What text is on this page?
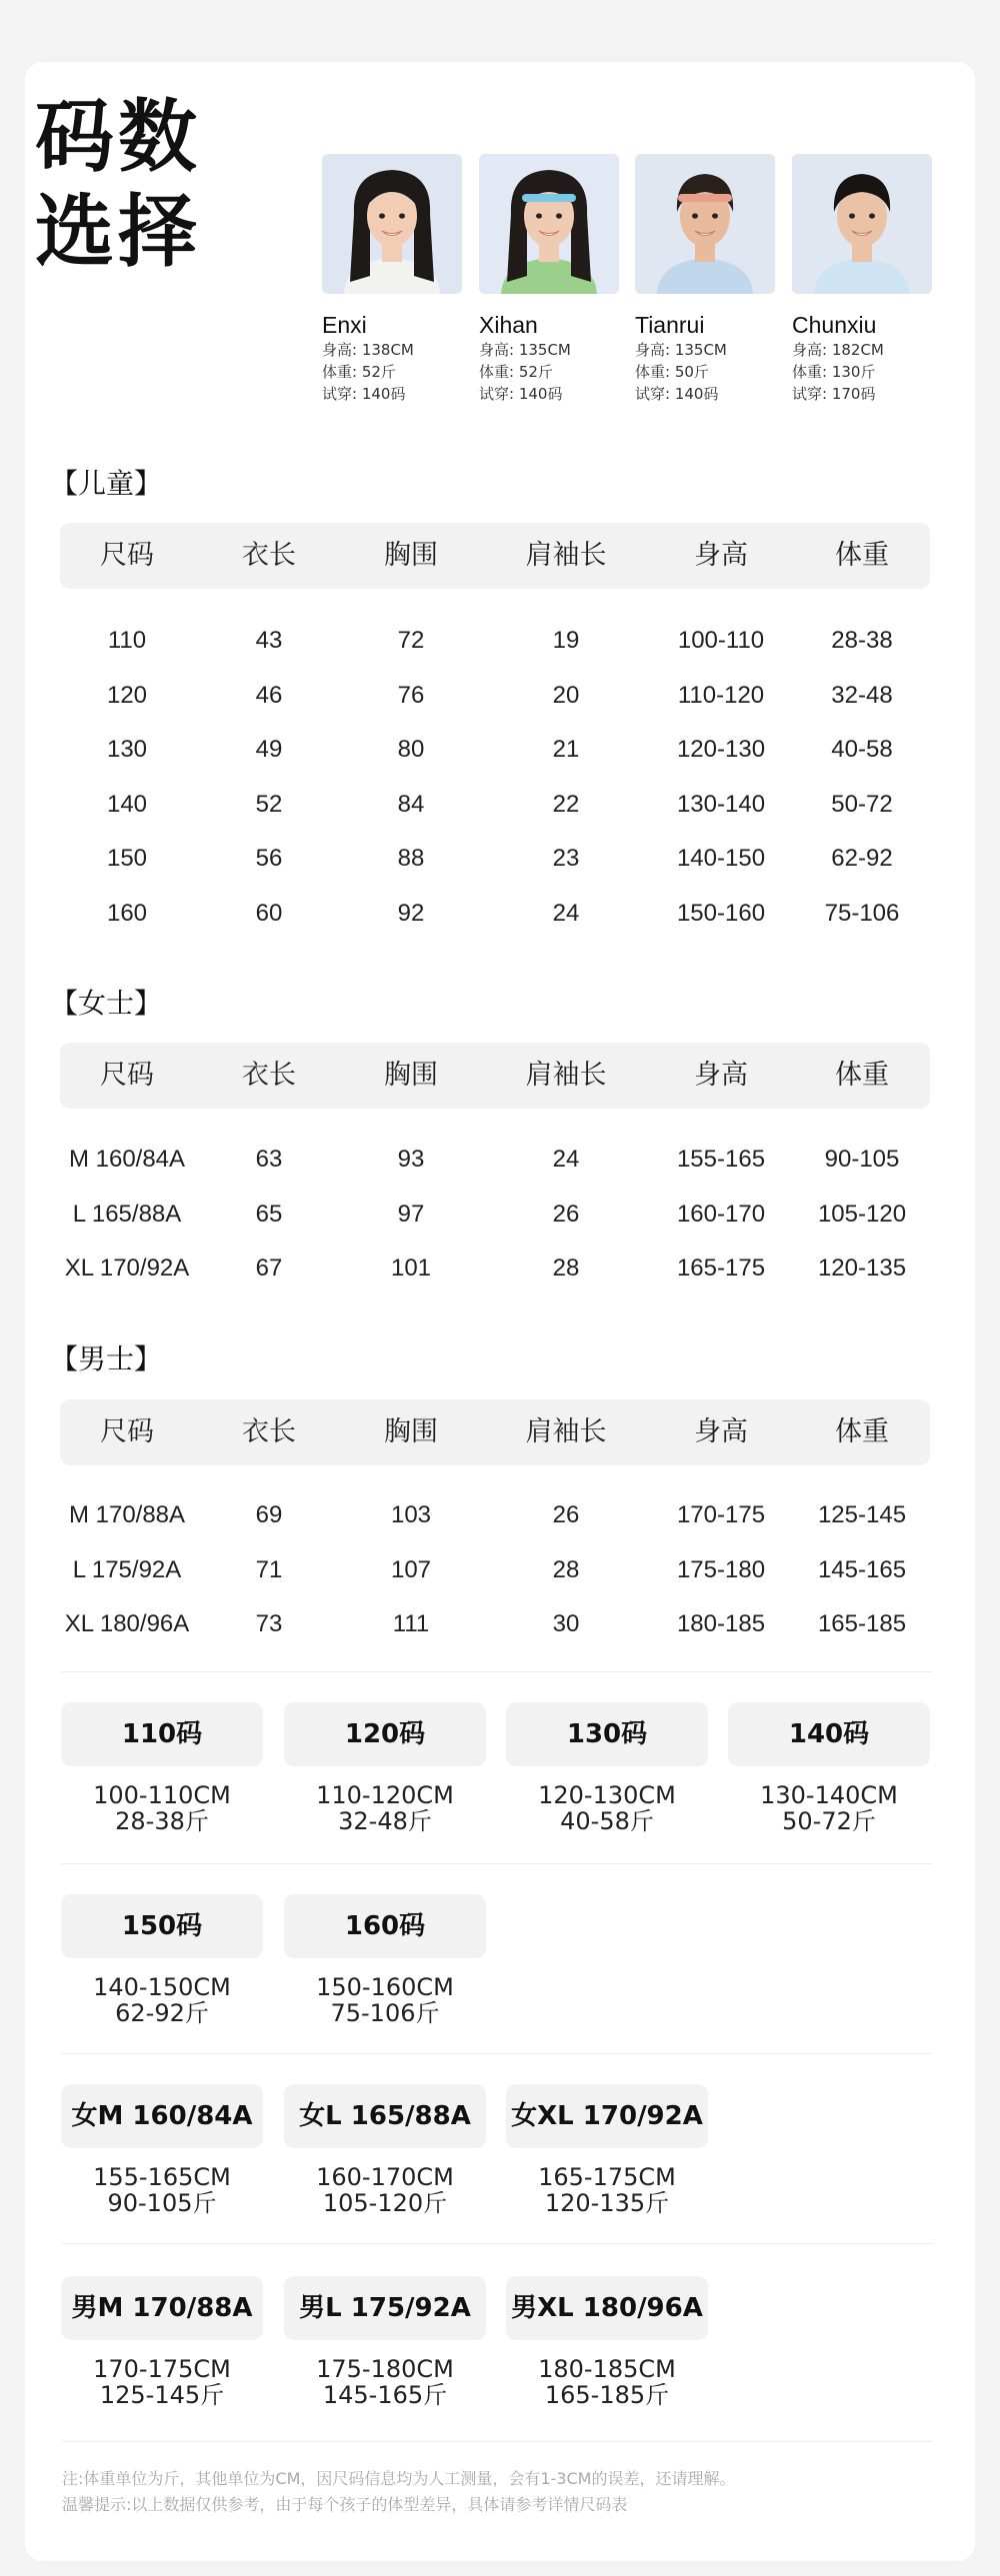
码数
选择
Enxi
身高: 138CM
体重: 52斤
试穿: 140码
Xihan
身高: 135CM
体重: 52斤
试穿: 140码
Tianrui
身高: 135CM
体重: 50斤
试穿: 140码
Chunxiu
身高: 182CM
体重: 130斤
试穿: 170码
【儿童】
尺码	衣长	胸围	肩袖长	身高	体重
110	43	72	19	100-110	28-38
120	46	76	20	110-120	32-48
130	49	80	21	120-130	40-58
140	52	84	22	130-140	50-72
150	56	88	23	140-150	62-92
160	60	92	24	150-160 75-106
【女士】
尺码	衣长	胸围	肩袖长	身高	体重
M 160/84A	63	93	24	155-165 90-105
L 165/88A	65	97	26	160-170 105-120
XL 170/92A	67	101	28	165-175 120-135
【男士】
尺码	衣长	胸围	肩袖长	身高	体重
M 170/88A	69	103	26	170-175 125-145
L 175/92A	71	107	28	175-180 145-165
XL 180/96A	73	111	30	180-185 165-185
110码
100-110CM
28-38斤
120码
110-120CM
32-48斤
130码
120-130CM
40-58斤
140码
130-140CM
50-72斤
150码
140-150CM
62-92斤
160码
150-160CM
75-106斤
女M 160/84A
155-165CM
90-105斤
女L 165/88A
160-170CM
105-120斤
女XL 170/92A
165-175CM
120-135斤
男M 170/88A
170-175CM
125-145斤
男L 175/92A
175-180CM
145-165斤
男XL 180/96A
180-185CM
165-185斤
注:体重单位为斤，其他单位为CM，因尺码信息均为人工测量，会有1-3CM的误差，还请理解。
温馨提示:以上数据仅供参考，由于每个孩子的体型差异，具体请参考详情尺码表
